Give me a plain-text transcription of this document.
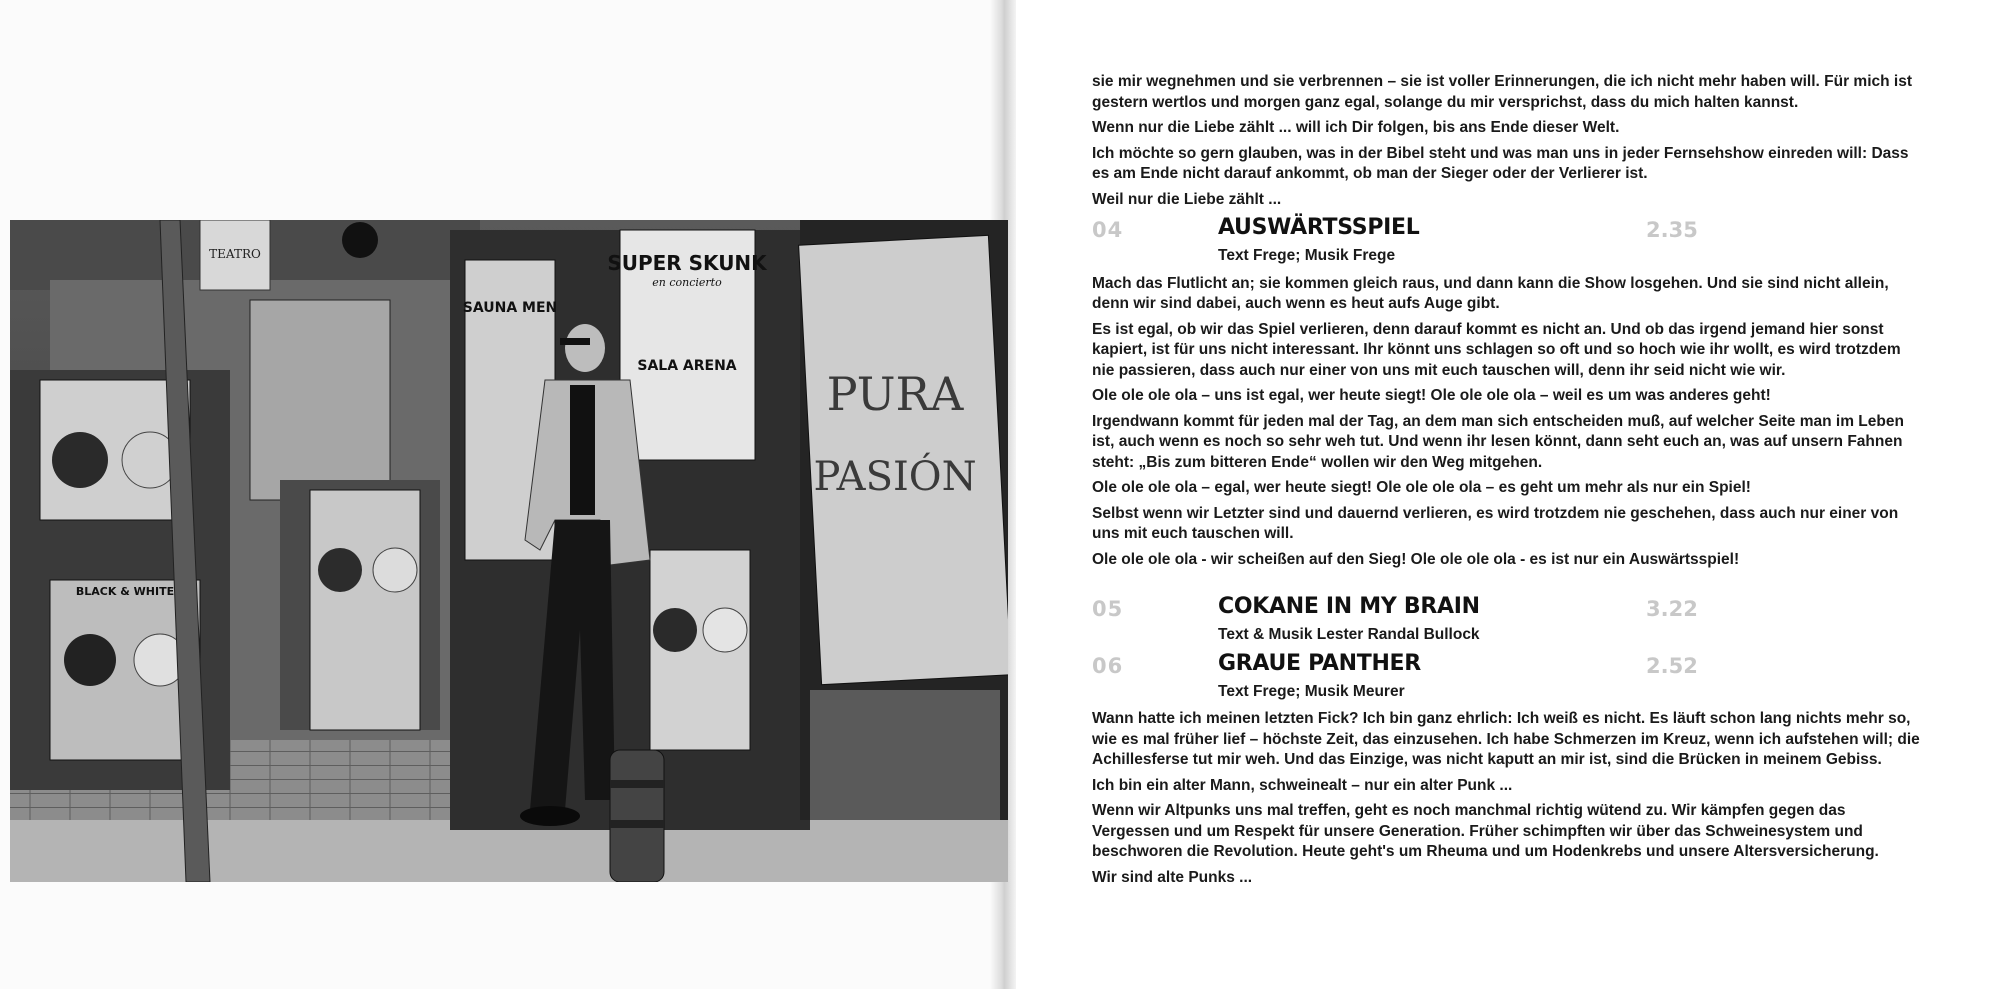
TEATRO
BLACK & WHITE
SAUNA MEN
SUPER SKUNK
en concierto
SALA ARENA
PURA
PASIÓN

sie mir wegnehmen und sie verbrennen – sie ist voller Erinnerungen, die ich nicht mehr haben will. Für mich ist gestern wertlos und morgen ganz egal, solange du mir versprichst, dass du mich halten kannst.

Wenn nur die Liebe zählt ... will ich Dir folgen, bis ans Ende dieser Welt.

Ich möchte so gern glauben, was in der Bibel steht und was man uns in jeder Fernsehshow einreden will: Dass es am Ende nicht darauf ankommt, ob man der Sieger oder der Verlierer ist.

Weil nur die Liebe zählt ...

04	AUSWÄRTSSPIEL	2.35
Text Frege; Musik Frege

Mach das Flutlicht an; sie kommen gleich raus, und dann kann die Show losgehen. Und sie sind nicht allein, denn wir sind dabei, auch wenn es heut aufs Auge gibt.

Es ist egal, ob wir das Spiel verlieren, denn darauf kommt es nicht an. Und ob das irgend jemand hier sonst kapiert, ist für uns nicht interessant. Ihr könnt uns schlagen so oft und so hoch wie ihr wollt, es wird trotzdem nie passieren, dass auch nur einer von uns mit euch tauschen will, denn ihr seid nicht wie wir.

Ole ole ole ola – uns ist egal, wer heute siegt! Ole ole ole ola – weil es um was anderes geht!

Irgendwann kommt für jeden mal der Tag, an dem man sich entscheiden muß, auf welcher Seite man im Leben ist, auch wenn es noch so sehr weh tut. Und wenn ihr lesen könnt, dann seht euch an, was auf unsern Fahnen steht: „Bis zum bitteren Ende“ wollen wir den Weg mitgehen.

Ole ole ole ola – egal, wer heute siegt! Ole ole ole ola – es geht um mehr als nur ein Spiel!

Selbst wenn wir Letzter sind und dauernd verlieren, es wird trotzdem nie geschehen, dass auch nur einer von uns mit euch tauschen will.

Ole ole ole ola - wir scheißen auf den Sieg! Ole ole ole ola - es ist nur ein Auswärtsspiel!

05	COKANE IN MY BRAIN	3.22
Text & Musik Lester Randal Bullock
06	GRAUE PANTHER	2.52
Text Frege; Musik Meurer

Wann hatte ich meinen letzten Fick? Ich bin ganz ehrlich: Ich weiß es nicht. Es läuft schon lang nichts mehr so, wie es mal früher lief – höchste Zeit, das einzusehen. Ich habe Schmerzen im Kreuz, wenn ich aufstehen will; die Achillesferse tut mir weh. Und das Einzige, was nicht kaputt an mir ist, sind die Brücken in meinem Gebiss.

Ich bin ein alter Mann, schweinealt – nur ein alter Punk ...

Wenn wir Altpunks uns mal treffen, geht es noch manchmal richtig wütend zu. Wir kämpfen gegen das Vergessen und um Respekt für unsere Generation. Früher schimpften wir über das Schweinesystem und beschworen die Revolution. Heute geht's um Rheuma und um Hodenkrebs und unsere Altersversicherung.

Wir sind alte Punks ...
